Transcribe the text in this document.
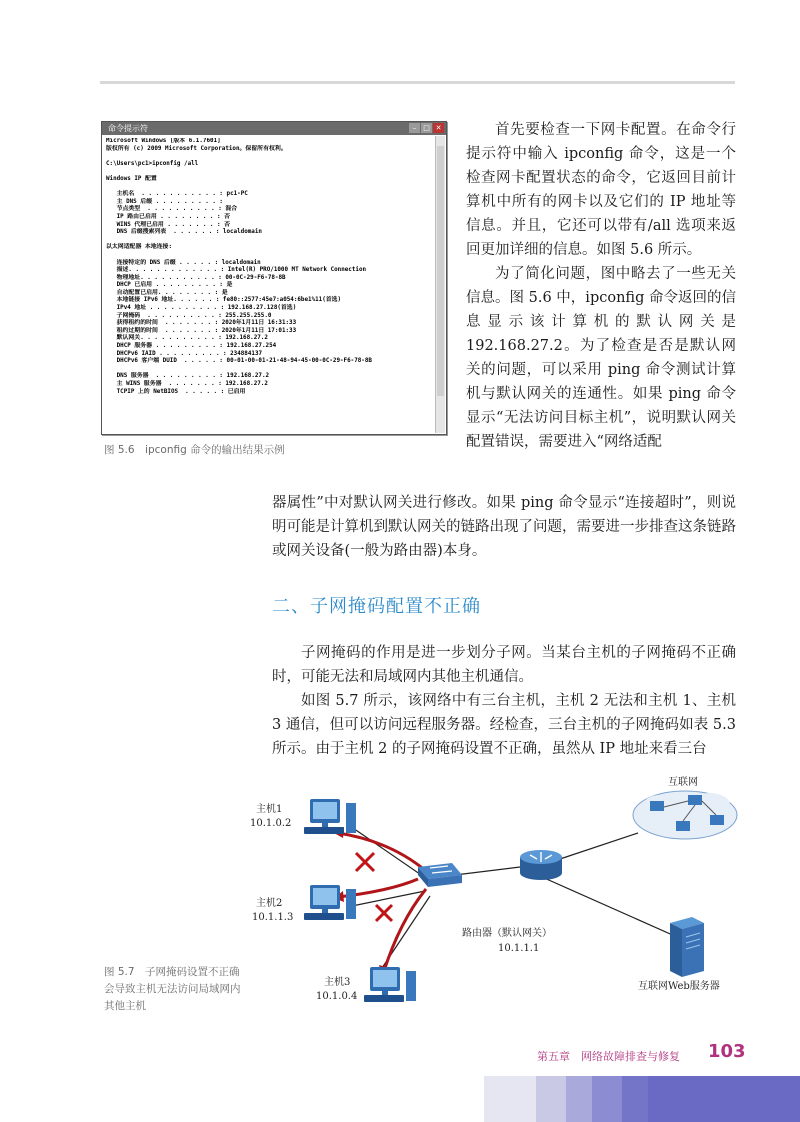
命令提示符	– □ ✕
Microsoft Windows [版本 6.1.7601]
版权所有 (c) 2009 Microsoft Corporation。保留所有权利。

C:\Users\pc1>ipconfig /all

Windows IP 配置

主机名  . . . . . . . . . . . : pc1-PC
主 DNS 后缀 . . . . . . . . . :
节点类型  . . . . . . . . . . : 混合
IP 路由已启用 . . . . . . . . : 否
WINS 代理已启用 . . . . . . . : 否
DNS 后缀搜索列表  . . . . . . : localdomain

以太网适配器 本地连接:

连接特定的 DNS 后缀 . . . . . : localdomain
描述. . . . . . . . . . . . . : Intel(R) PRO/1000 MT Network Connection
物理地址. . . . . . . . . . . : 00-0C-29-F6-78-8B
DHCP 已启用 . . . . . . . . . : 是
自动配置已启用. . . . . . . . : 是
本地链接 IPv6 地址. . . . . . : fe80::2577:45e7:a054:6be1%11(首选)
IPv4 地址 . . . . . . . . . . : 192.168.27.128(首选)
子网掩码  . . . . . . . . . . : 255.255.255.0
获得租约的时间  . . . . . . . : 2020年1月11日 16:31:33
租约过期的时间  . . . . . . . : 2020年1月11日 17:01:33
默认网关. . . . . . . . . . . : 192.168.27.2
DHCP 服务器 . . . . . . . . . : 192.168.27.254
DHCPv6 IAID . . . . . . . . . : 234884137
DHCPv6 客户端 DUID  . . . . . : 00-01-00-01-21-48-94-45-00-0C-29-F6-78-8B

DNS 服务器  . . . . . . . . . : 192.168.27.2
主 WINS 服务器  . . . . . . . : 192.168.27.2
TCPIP 上的 NetBIOS  . . . . . : 已启用
图 5.6　ipconfig 命令的输出结果示例

首先要检查一下网卡配置。在命令行提示符中输入 ipconfig 命令，这是一个检查网卡配置状态的命令，它返回目前计算机中所有的网卡以及它们的 IP 地址等信息。并且，它还可以带有/all 选项来返回更加详细的信息。如图 5.6 所示。

为了简化问题，图中略去了一些无关信息。图 5.6 中，ipconfig 命令返回的信息显示该计算机的默认网关是 192.168.27.2。为了检查是否是默认网关的问题，可以采用 ping 命令测试计算机与默认网关的连通性。如果 ping 命令显示“无法访问目标主机”，说明默认网关配置错误，需要进入“网络适配

器属性”中对默认网关进行修改。如果 ping 命令显示“连接超时”，则说明可能是计算机到默认网关的链路出现了问题，需要进一步排查这条链路或网关设备(一般为路由器)本身。

二、子网掩码配置不正确

子网掩码的作用是进一步划分子网。当某台主机的子网掩码不正确时，可能无法和局域网内其他主机通信。

如图 5.7 所示，该网络中有三台主机，主机 2 无法和主机 1、主机 3 通信，但可以访问远程服务器。经检查，三台主机的子网掩码如表 5.3 所示。由于主机 2 的子网掩码设置不正确，虽然从 IP 地址来看三台

主机1
10.1.0.2
主机2
10.1.1.3
主机3
10.1.0.4
路由器（默认网关）
10.1.1.1
互联网
互联网Web服务器
图 5.7　子网掩码设置不正确会导致主机无法访问局域网内其他主机
第五章　网络故障排查与修复 103
